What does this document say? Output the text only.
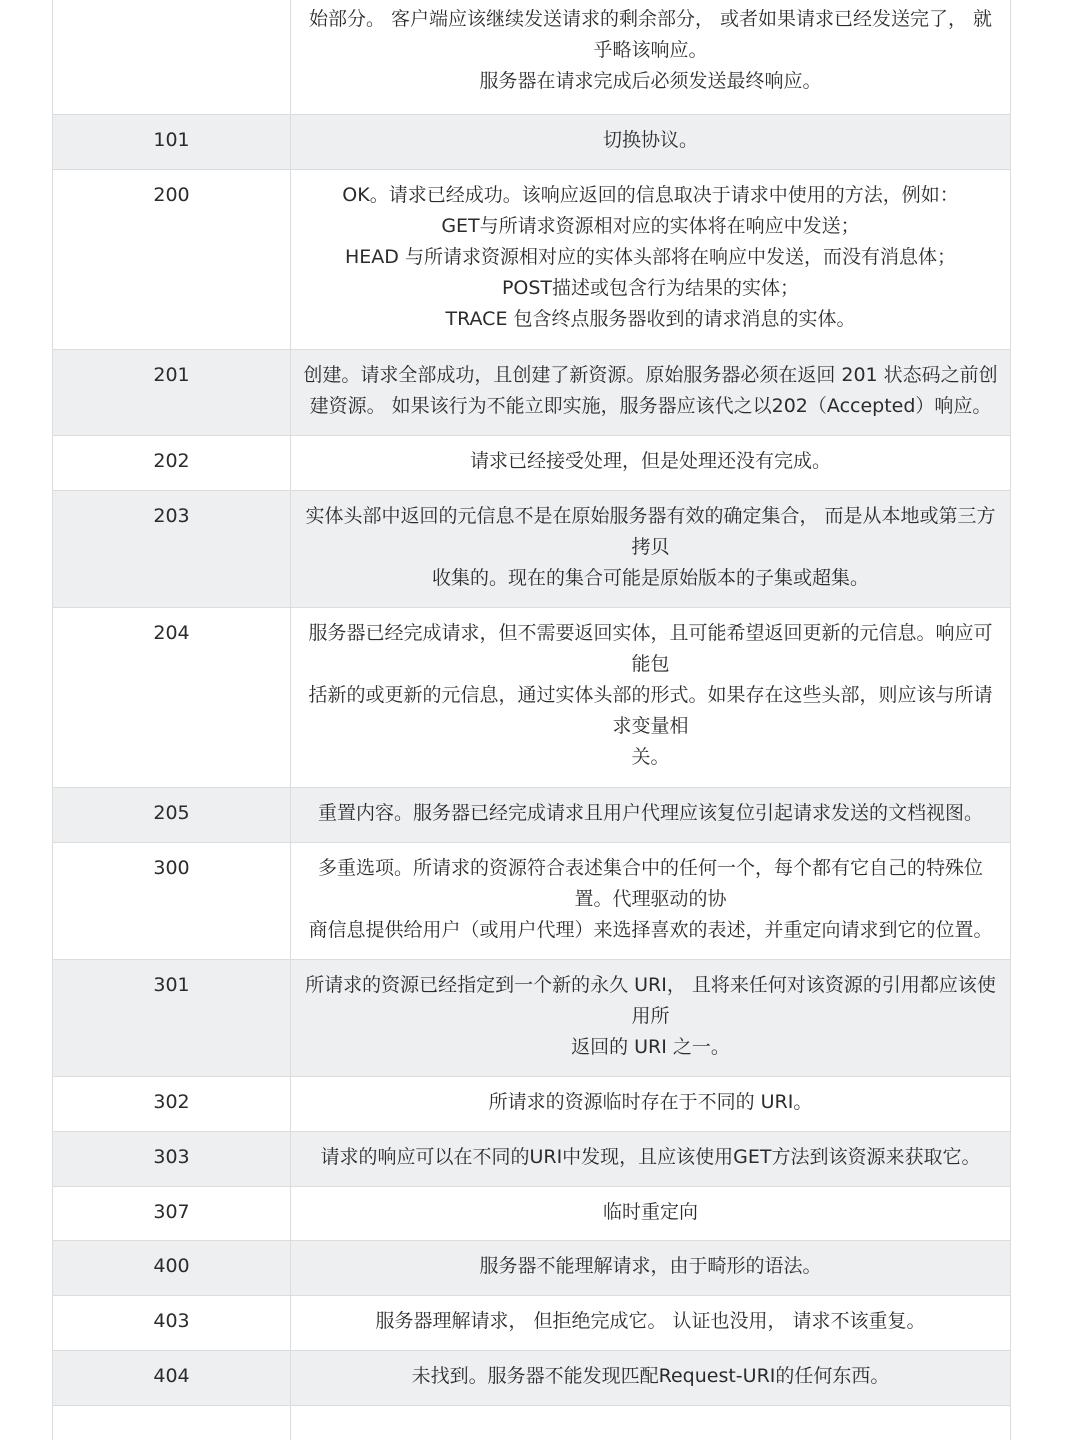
始部分。 客户端应该继续发送请求的剩余部分， 或者如果请求已经发送完了， 就
乎略该响应。
服务器在请求完成后必须发送最终响应。
101	切换协议。
200	OK。请求已经成功。该响应返回的信息取决于请求中使用的方法，例如：
GET与所请求资源相对应的实体将在响应中发送；
HEAD 与所请求资源相对应的实体头部将在响应中发送，而没有消息体；
POST描述或包含行为结果的实体；
TRACE 包含终点服务器收到的请求消息的实体。
201	创建。请求全部成功，且创建了新资源。原始服务器必须在返回 201 状态码之前创
建资源。 如果该行为不能立即实施，服务器应该代之以202（Accepted）响应。
202	请求已经接受处理，但是处理还没有完成。
203	实体头部中返回的元信息不是在原始服务器有效的确定集合， 而是从本地或第三方
拷贝
收集的。现在的集合可能是原始版本的子集或超集。
204	服务器已经完成请求，但不需要返回实体，且可能希望返回更新的元信息。响应可
能包
括新的或更新的元信息，通过实体头部的形式。如果存在这些头部，则应该与所请
求变量相
关。
205	重置内容。服务器已经完成请求且用户代理应该复位引起请求发送的文档视图。
300	多重选项。所请求的资源符合表述集合中的任何一个，每个都有它自己的特殊位
置。代理驱动的协
商信息提供给用户（或用户代理）来选择喜欢的表述，并重定向请求到它的位置。
301	所请求的资源已经指定到一个新的永久 URI， 且将来任何对该资源的引用都应该使
用所
返回的 URI 之一。
302	所请求的资源临时存在于不同的 URI。
303	请求的响应可以在不同的URI中发现，且应该使用GET方法到该资源来获取它。
307	临时重定向
400	服务器不能理解请求，由于畸形的语法。
403	服务器理解请求， 但拒绝完成它。 认证也没用， 请求不该重复。
404	未找到。服务器不能发现匹配Request-URI的任何东西。
